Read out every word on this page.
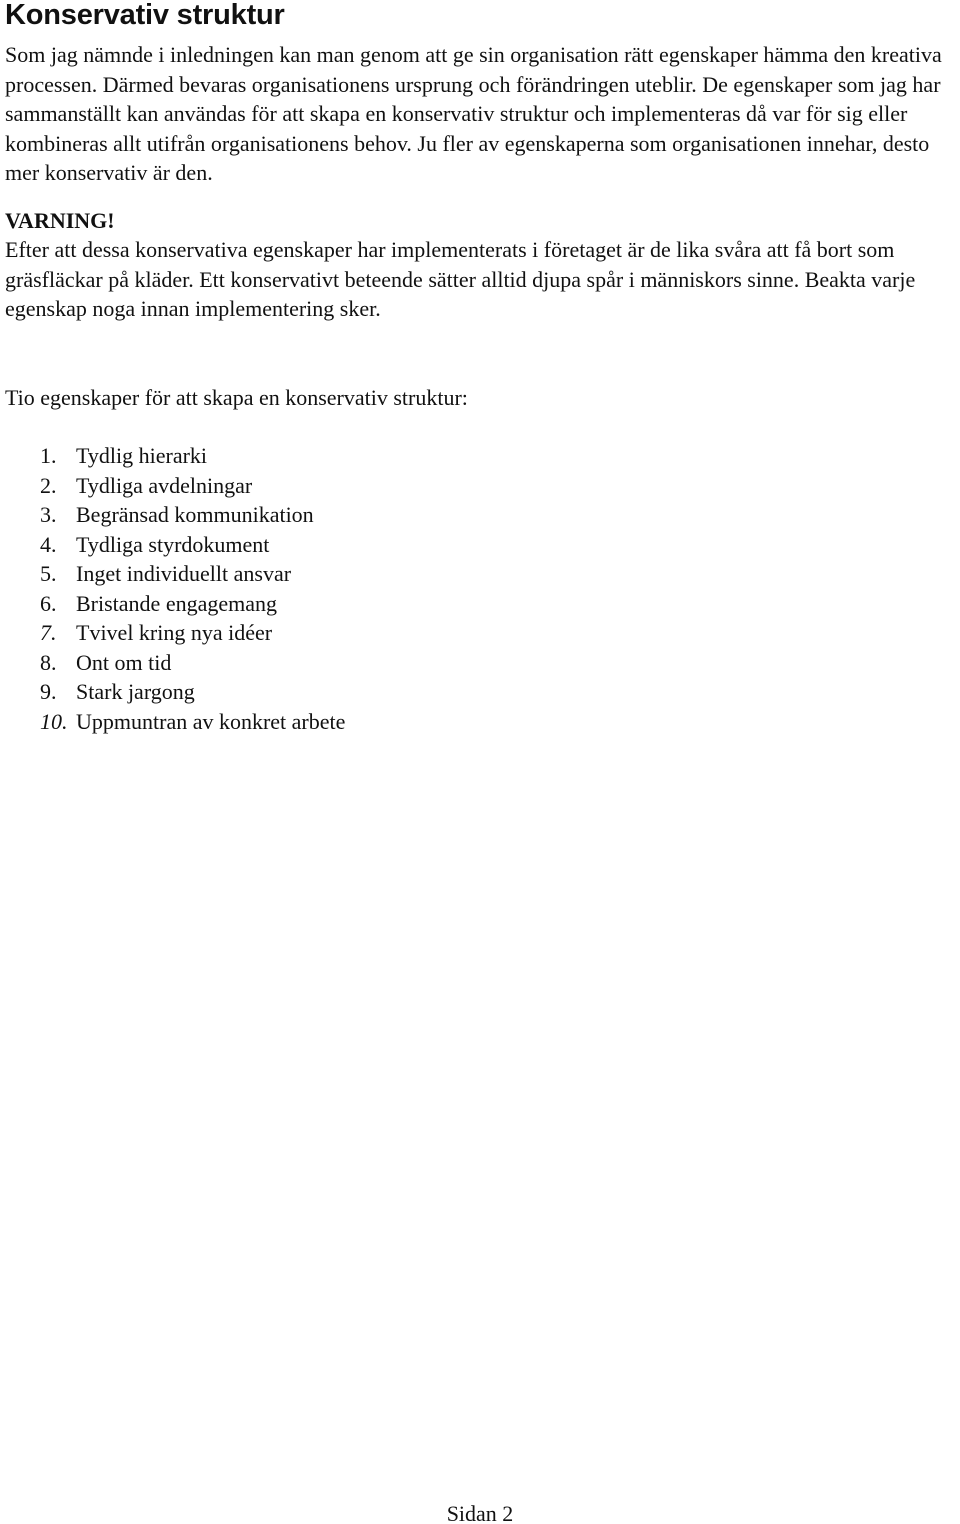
Konservativ struktur

Som jag nämnde i inledningen kan man genom att ge sin organisation rätt egenskaper hämma den kreativa processen. Därmed bevaras organisationens ursprung och förändringen uteblir. De egenskaper som jag har sammanställt kan användas för att skapa en konservativ struktur och implementeras då var för sig eller kombineras allt utifrån organisationens behov. Ju fler av egenskaperna som organisationen innehar, desto mer konservativ är den.

VARNING!

Efter att dessa konservativa egenskaper har implementerats i företaget är de lika svåra att få bort som gräsfläckar på kläder. Ett konservativt beteende sätter alltid djupa spår i människors sinne. Beakta varje egenskap noga innan implementering sker.

Tio egenskaper för att skapa en konservativ struktur:

1. Tydlig hierarki
2. Tydliga avdelningar
3. Begränsad kommunikation
4. Tydliga styrdokument
5. Inget individuellt ansvar
6. Bristande engagemang
7. Tvivel kring nya idéer
8. Ont om tid
9. Stark jargong
10. Uppmuntran av konkret arbete
Sidan 2
